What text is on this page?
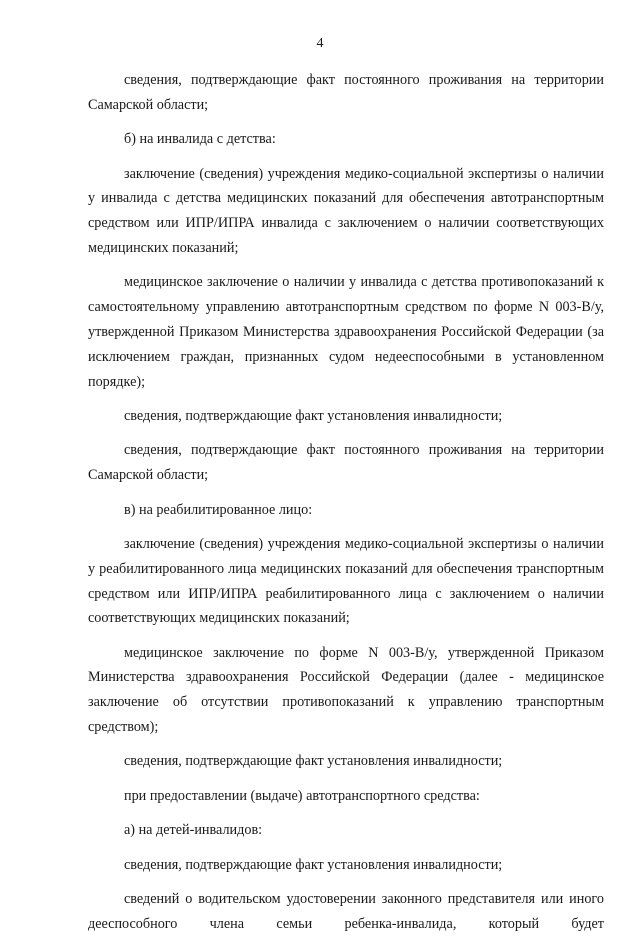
4

сведения, подтверждающие факт постоянного проживания на территории Самарской области;

б) на инвалида с детства:

заключение (сведения) учреждения медико-социальной экспертизы о наличии у инвалида с детства медицинских показаний для обеспечения автотранспортным средством или ИПР/ИПРА инвалида с заключением о наличии соответствующих медицинских показаний;

медицинское заключение о наличии у инвалида с детства противопоказаний к самостоятельному управлению автотранспортным средством по форме N 003-В/у, утвержденной Приказом Министерства здравоохранения Российской Федерации (за исключением граждан, признанных судом недееспособными в установленном порядке);

сведения, подтверждающие факт установления инвалидности;

сведения, подтверждающие факт постоянного проживания на территории Самарской области;

в) на реабилитированное лицо:

заключение (сведения) учреждения медико-социальной экспертизы о наличии у реабилитированного лица медицинских показаний для обеспечения транспортным средством или ИПР/ИПРА реабилитированного лица с заключением о наличии соответствующих медицинских показаний;

медицинское заключение по форме N 003-В/у, утвержденной Приказом Министерства здравоохранения Российской Федерации (далее - медицинское заключение об отсутствии противопоказаний к управлению транспортным средством);

сведения, подтверждающие факт установления инвалидности;

при предоставлении (выдаче) автотранспортного средства:

а) на детей-инвалидов:

сведения, подтверждающие факт установления инвалидности;

сведений о водительском удостоверении законного представителя или иного дееспособного члена семьи ребенка-инвалида, который будет
